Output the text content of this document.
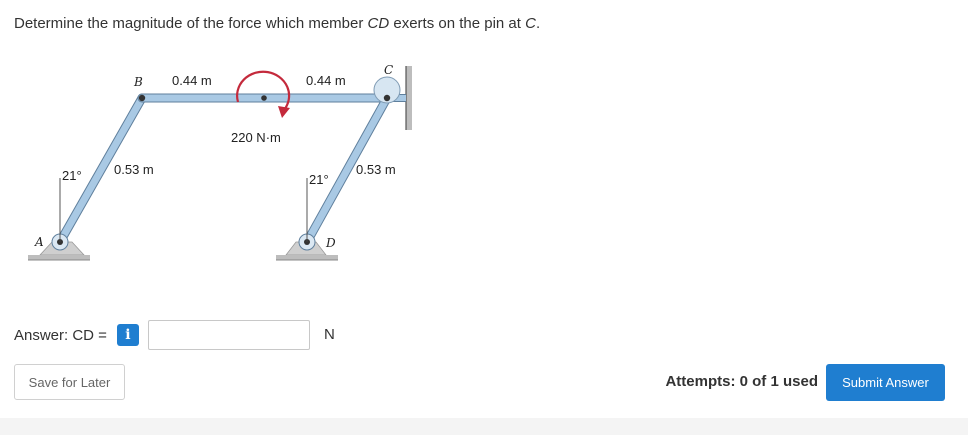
Determine the magnitude of the force which member CD exerts on the pin at C.
A
B
C
D
0.44 m	0.44 m
0.53 m	0.53 m
220 N·m
21°	21°
Answer: CD =	i	N
Save for Later	Attempts: 0 of 1 used	Submit Answer
